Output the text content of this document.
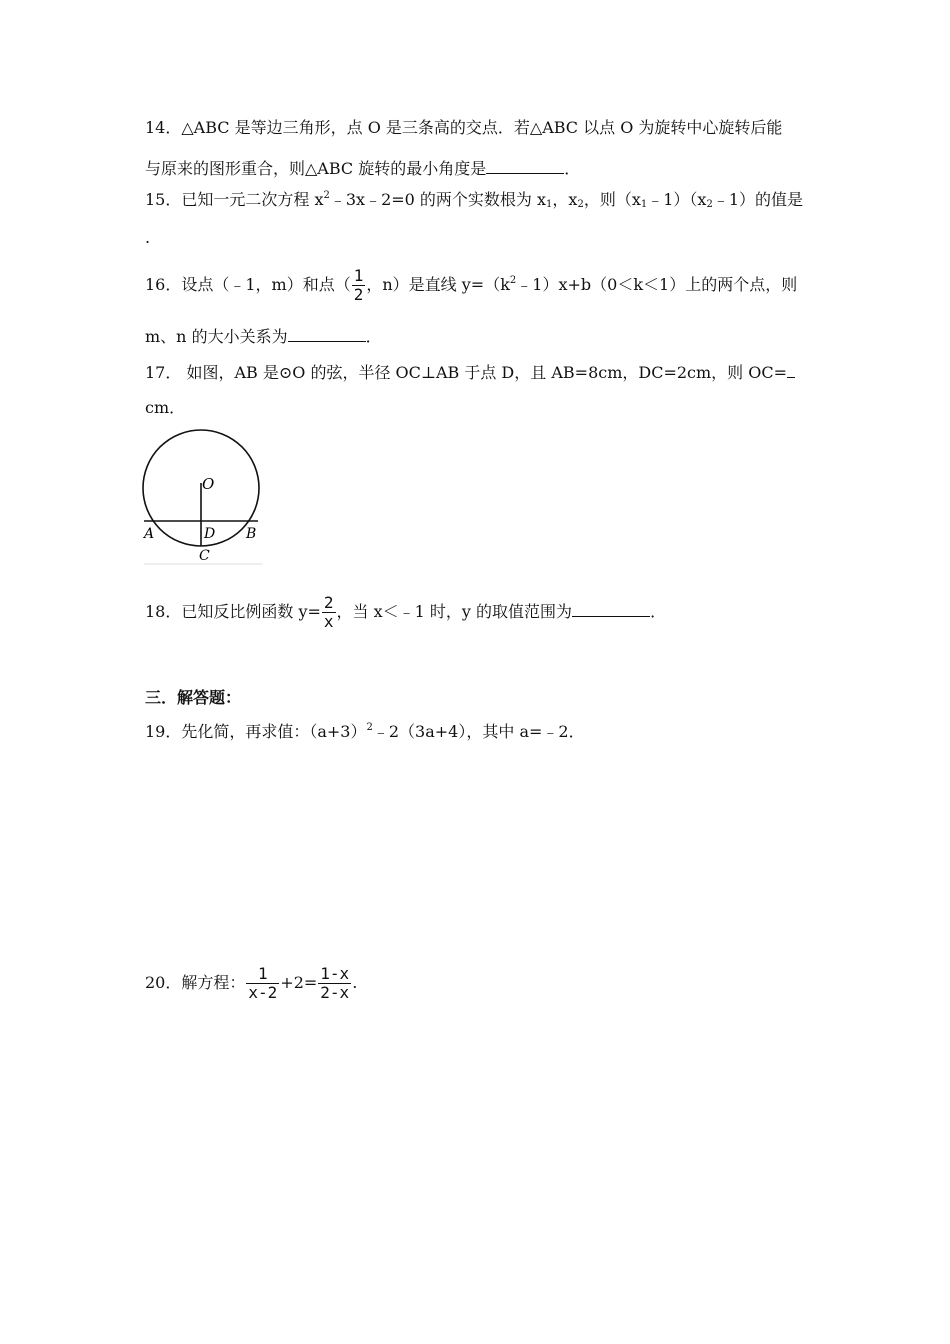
14．△ABC 是等边三角形，点 O 是三条高的交点．若△ABC 以点 O 为旋转中心旋转后能
与原来的图形重合，则△ABC 旋转的最小角度是	．
15．已知一元二次方程 $x^2﹣3x﹣2=0$ 的两个实数根为 $x_1$，$x_2$，则$(x_1﹣1)(x_2﹣1)$的值是
.
16．设点（﹣1，m）和点（ $\frac{1}{2}$ ，n）是直线 $y=(k^2﹣1)x+b(0<k<1)$上的两个点，则
m、n 的大小关系为	．
17． 如图，AB 是⊙O 的弦，半径 OC⊥AB 于点 D，且 AB=8cm，DC=2cm，则 OC=
cm．
O
A	D B
C
18．已知反比例函数 $y= \frac{2}{x}$ ，当 x＜﹣1 时，y 的取值范围为	．
三．解答题：
19．先化简，再求值：$(a+3)^2﹣2(3a+4)$，其中 a=﹣2．
20．解方程： $\frac{1}{x-2} +2= \frac{1-x}{2-x}$ .
